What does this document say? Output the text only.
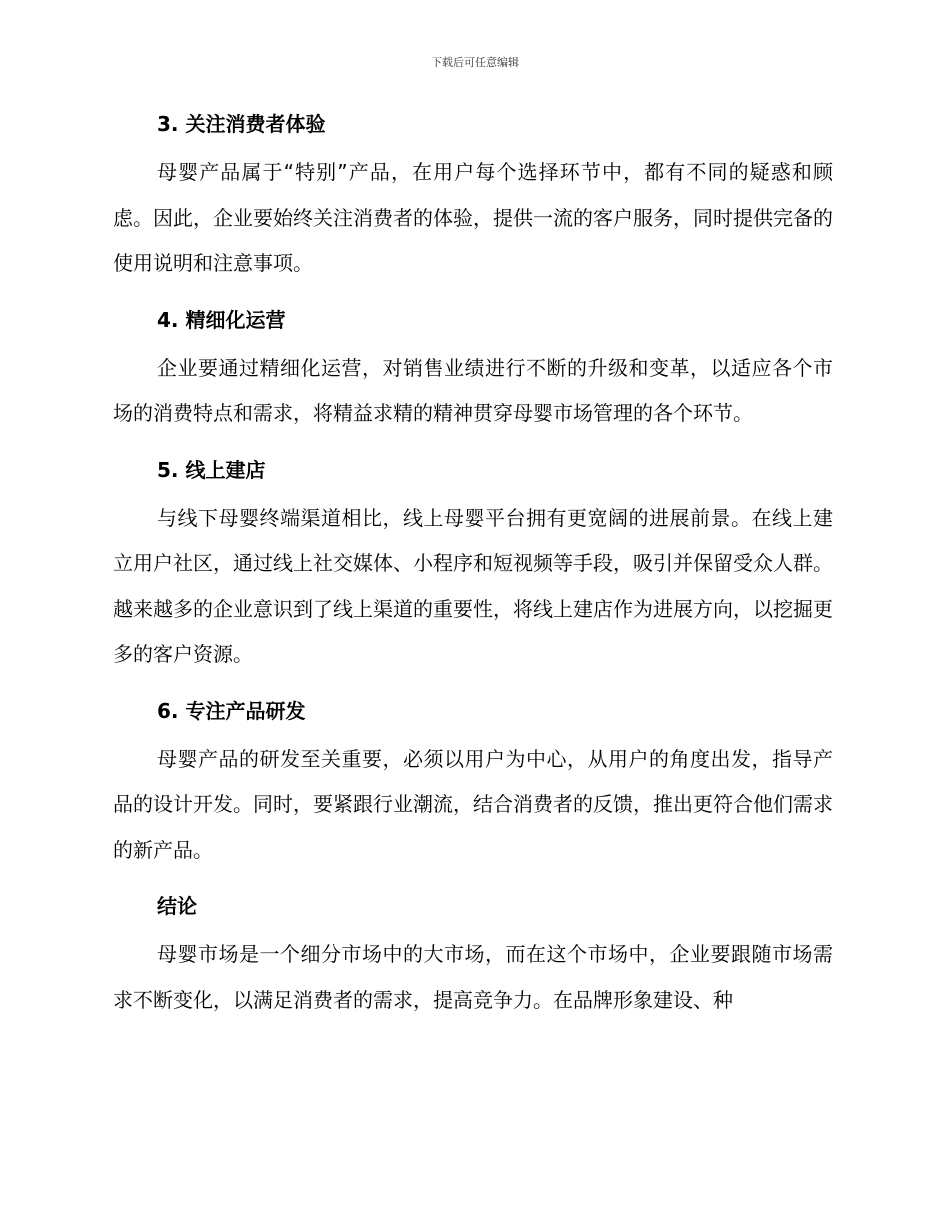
下载后可任意编辑
3. 关注消费者体验

母婴产品属于“特别”产品，在用户每个选择环节中，都有不同的疑惑和顾虑。因此，企业要始终关注消费者的体验，提供一流的客户服务，同时提供完备的使用说明和注意事项。

4. 精细化运营

企业要通过精细化运营，对销售业绩进行不断的升级和变革，以适应各个市场的消费特点和需求，将精益求精的精神贯穿母婴市场管理的各个环节。

5. 线上建店

与线下母婴终端渠道相比，线上母婴平台拥有更宽阔的进展前景。在线上建立用户社区，通过线上社交媒体、小程序和短视频等手段，吸引并保留受众人群。越来越多的企业意识到了线上渠道的重要性，将线上建店作为进展方向，以挖掘更多的客户资源。

6. 专注产品研发

母婴产品的研发至关重要，必须以用户为中心，从用户的角度出发，指导产品的设计开发。同时，要紧跟行业潮流，结合消费者的反馈，推出更符合他们需求的新产品。

结论

母婴市场是一个细分市场中的大市场，而在这个市场中，企业要跟随市场需求不断变化，以满足消费者的需求，提高竞争力。在品牌形象建设、种
